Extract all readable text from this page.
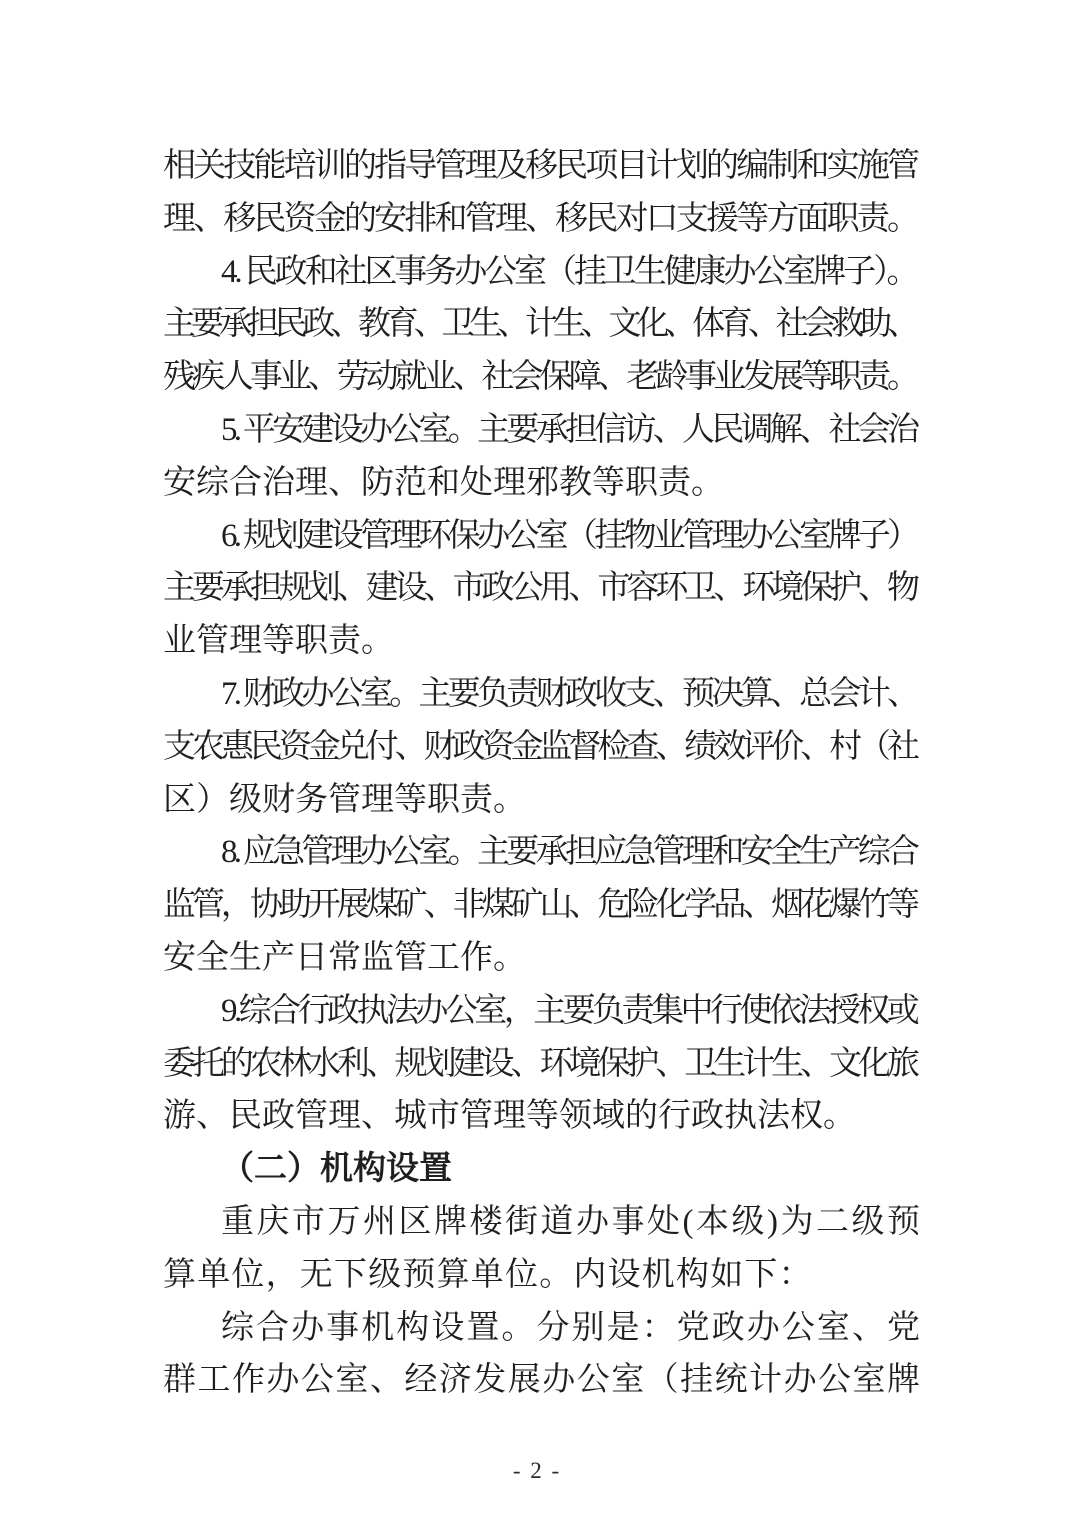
相关技能培训的指导管理及移民项目计划的编制和实施管
理、移民资金的安排和管理、移民对口支援等方面职责。
4. 民政和社区事务办公室（挂卫生健康办公室牌子）。
主要承担民政、教育、卫生、计生、文化、体育、社会救助、
残疾人事业、劳动就业、社会保障、老龄事业发展等职责。
5. 平安建设办公室。主要承担信访、人民调解、社会治
安综合治理、防范和处理邪教等职责。
6. 规划建设管理环保办公室（挂物业管理办公室牌子）
主要承担规划、建设、市政公用、市容环卫、环境保护、物
业管理等职责。
7. 财政办公室。主要负责财政收支、预决算、总会计、
支农惠民资金兑付、财政资金监督检查、绩效评价、村（社
区）级财务管理等职责。
8. 应急管理办公室。主要承担应急管理和安全生产综合
监管，协助开展煤矿、非煤矿山、危险化学品、烟花爆竹等
安全生产日常监管工作。
9.综合行政执法办公室，主要负责集中行使依法授权或
委托的农林水利、规划建设、环境保护、卫生计生、文化旅
游、民政管理、城市管理等领域的行政执法权。
（二）机构设置
重庆市万州区牌楼街道办事处(本级)为二级预
算单位，无下级预算单位。内设机构如下：
综合办事机构设置。分别是：党政办公室、党
群工作办公室、经济发展办公室（挂统计办公室牌
- 2 -
